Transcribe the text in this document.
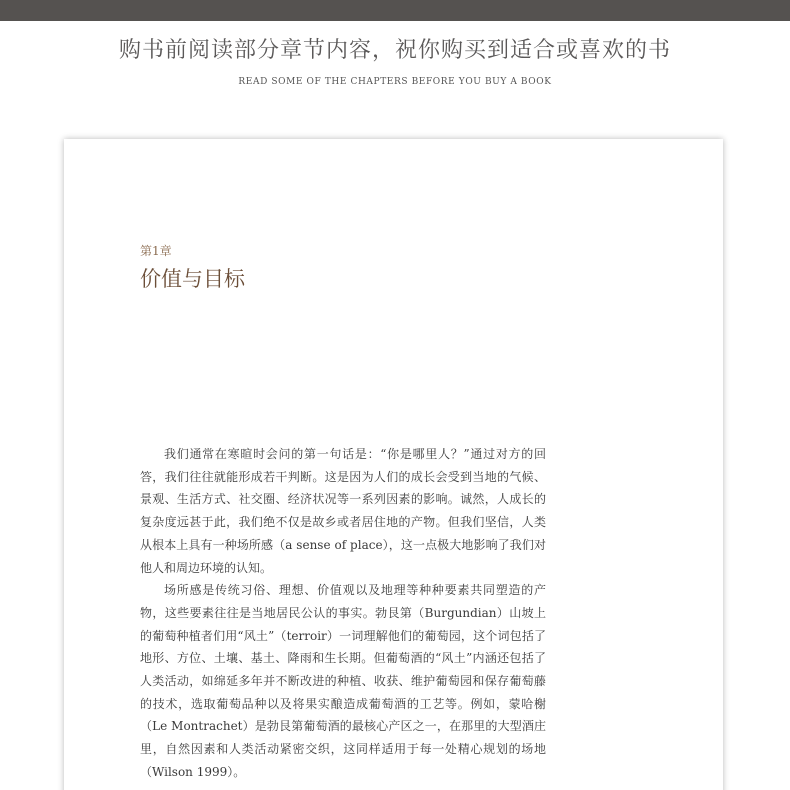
购书前阅读部分章节内容，祝你购买到适合或喜欢的书
READ SOME OF THE CHAPTERS BEFORE YOU BUY A BOOK
第1章
价值与目标

我们通常在寒暄时会问的第一句话是：“你是哪里人？”通过对方的回答，我们往往就能形成若干判断。这是因为人们的成长会受到当地的气候、景观、生活方式、社交圈、经济状况等一系列因素的影响。诚然，人成长的复杂度远甚于此，我们绝不仅是故乡或者居住地的产物。但我们坚信，人类从根本上具有一种场所感（a sense of place），这一点极大地影响了我们对他人和周边环境的认知。

场所感是传统习俗、理想、价值观以及地理等种种要素共同塑造的产物，这些要素往往是当地居民公认的事实。勃艮第（Burgundian）山坡上的葡萄种植者们用“风土”（terroir）一词理解他们的葡萄园，这个词包括了地形、方位、土壤、基土、降雨和生长期。但葡萄酒的“风土”内涵还包括了人类活动，如绵延多年并不断改进的种植、收获、维护葡萄园和保存葡萄藤的技术，选取葡萄品种以及将果实酿造成葡萄酒的工艺等。例如，蒙哈榭（Le Montrachet）是勃艮第葡萄酒的最核心产区之一，在那里的大型酒庄里，自然因素和人类活动紧密交织，这同样适用于每一处精心规划的场地（Wilson 1999）。
